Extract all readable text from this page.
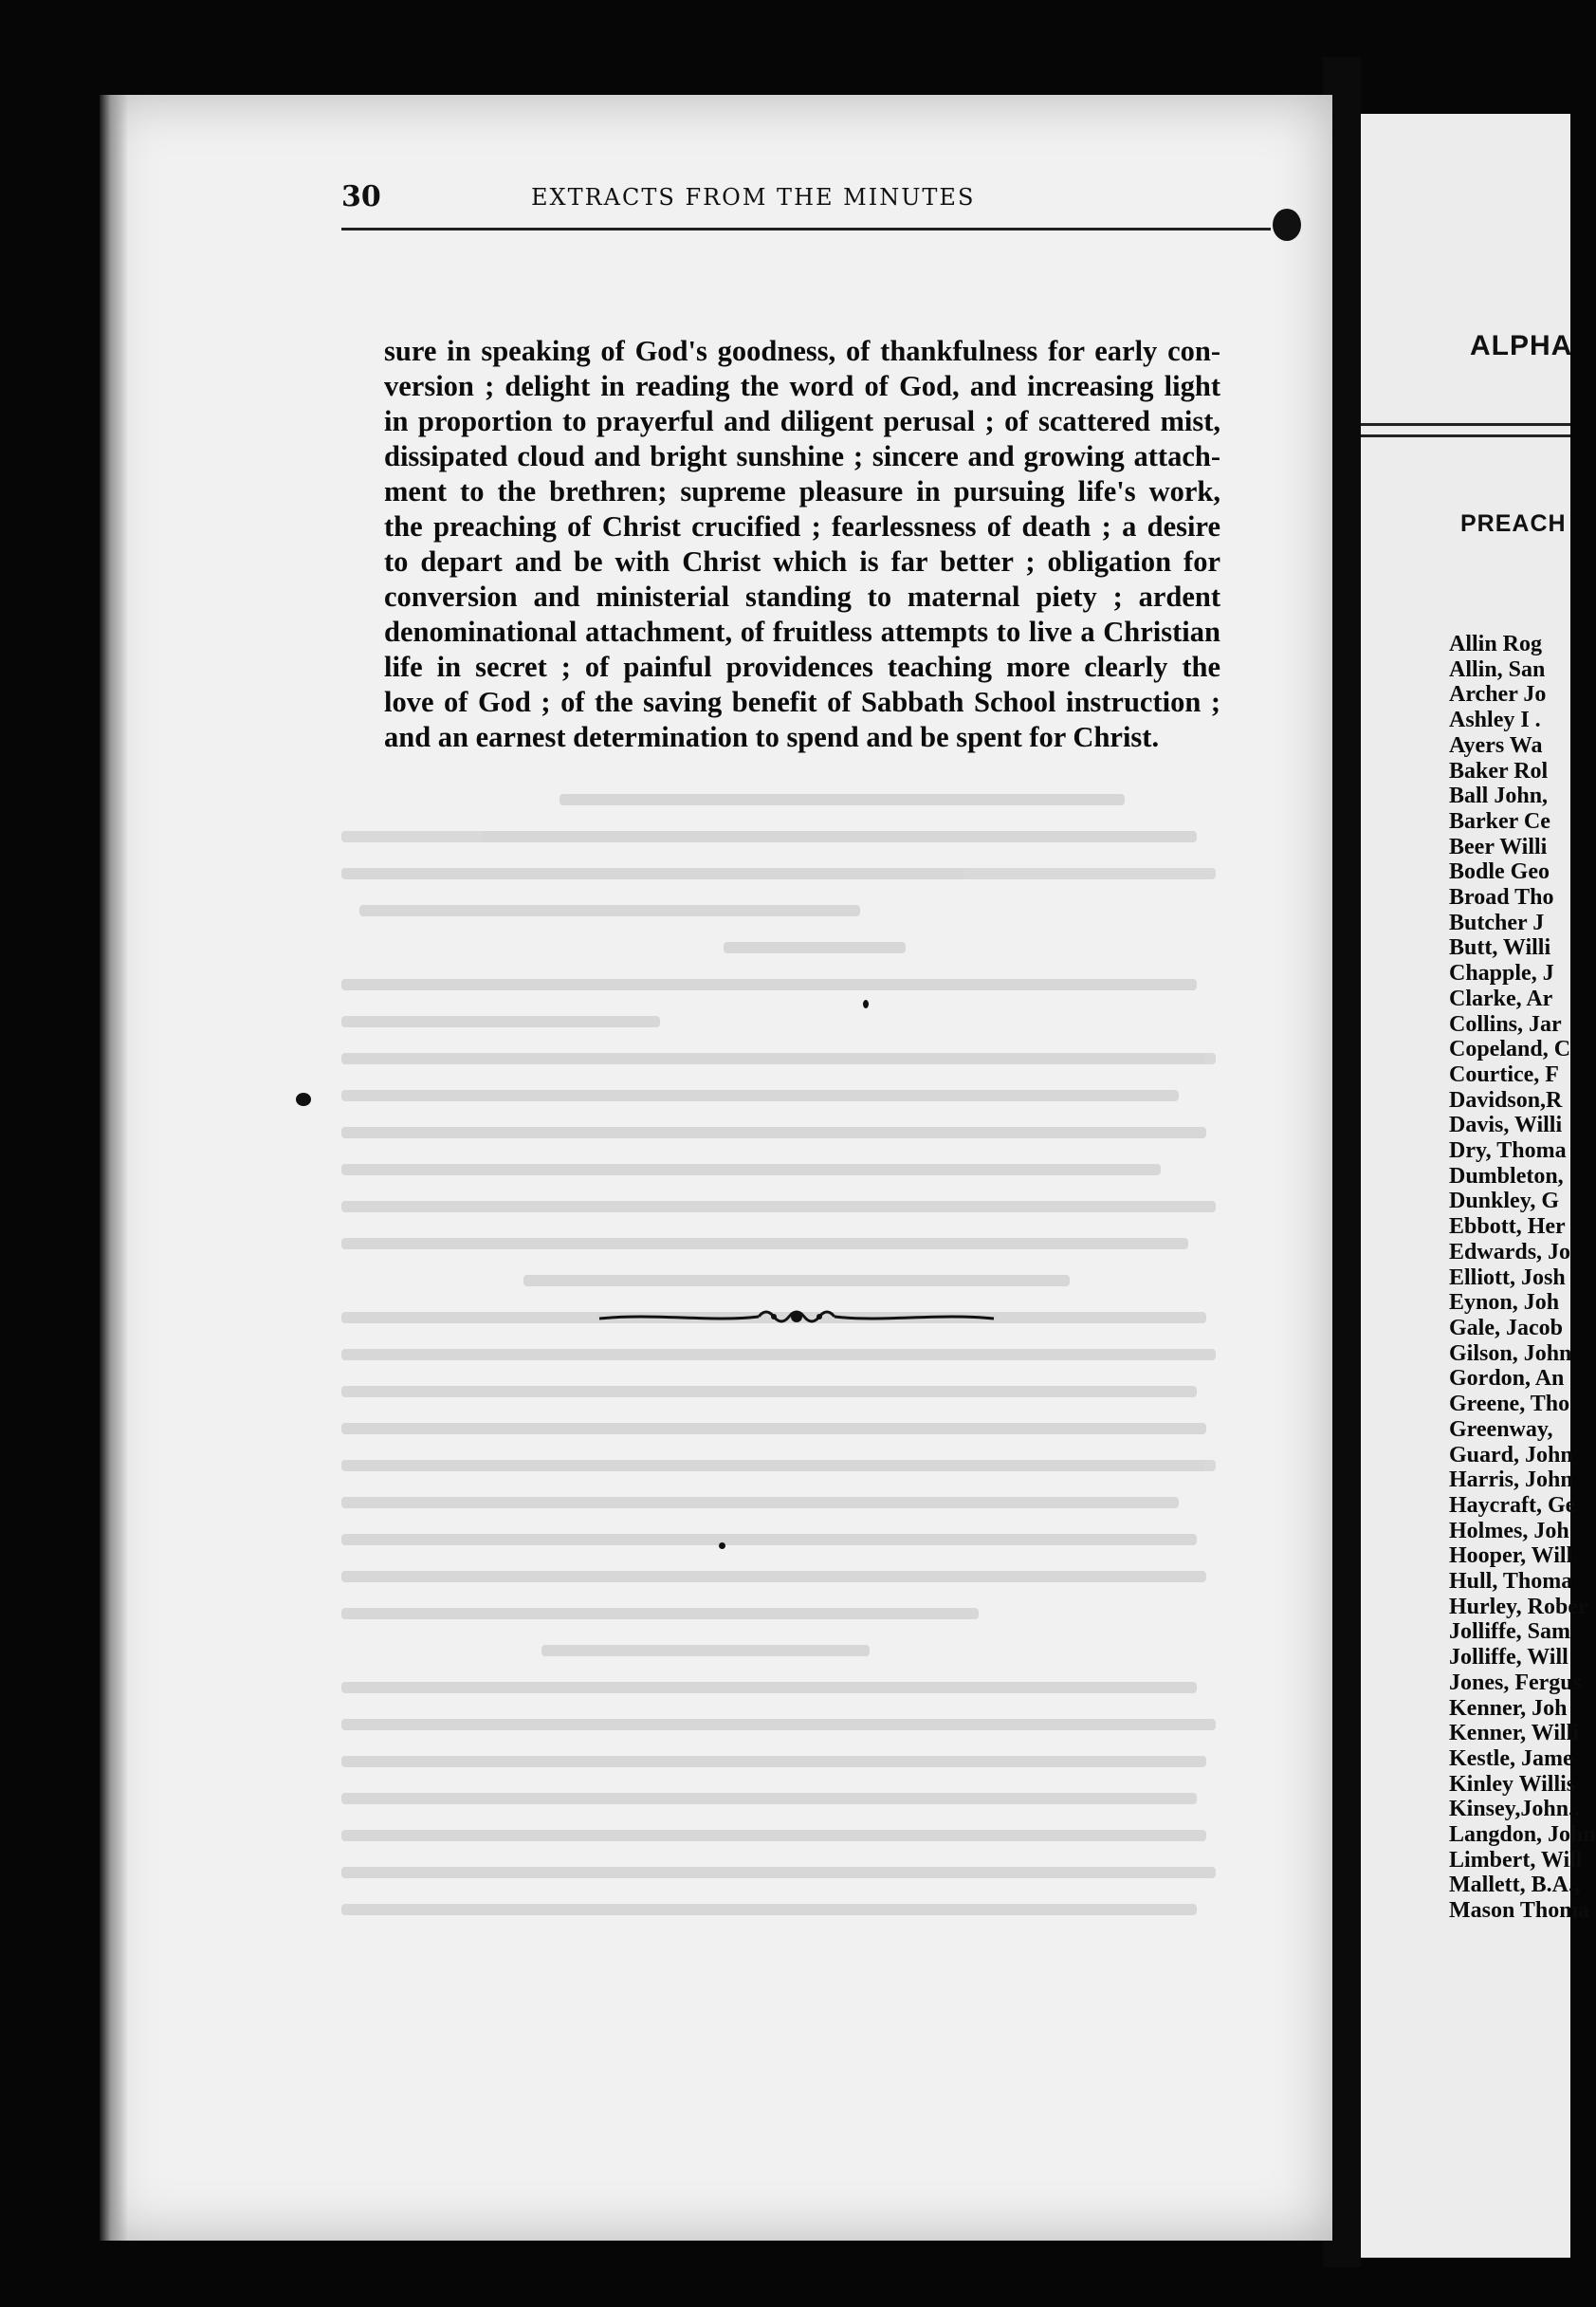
30	EXTRACTS FROM THE MINUTES
sure in speaking of God's goodness, of thankfulness for early con-
version ; delight in reading the word of God, and increasing light
in proportion to prayerful and diligent perusal ; of scattered mist,
dissipated cloud and bright sunshine ; sincere and growing attach-
ment to the brethren; supreme pleasure in pursuing life's work,
the preaching of Christ crucified ; fearlessness of death ; a desire
to depart and be with Christ which is far better ; obligation for
conversion and ministerial standing to maternal piety ; ardent
denominational attachment, of fruitless attempts to live a Christian
life in secret ; of painful providences teaching more clearly the
love of God ; of the saving benefit of Sabbath School instruction ;
and an earnest determination to spend and be spent for Christ.
ALPHA
PREACH
Allin Rog
Allin, San
Archer Jo
Ashley I .
Ayers Wa
Baker Rol
Ball John,
Barker Ce
Beer Willi
Bodle Geo
Broad Tho
Butcher J
Butt, Willi
Chapple, J
Clarke, Ar
Collins, Jar
Copeland, C
Courtice, F
Davidson,R
Davis, Willi
Dry, Thoma
Dumbleton,
Dunkley, G
Ebbott, Her
Edwards, Jo
Elliott, Josh
Eynon, Joh
Gale, Jacob
Gilson, John
Gordon, An
Greene, Tho
Greenway,
Guard, John
Harris, John
Haycraft, Ge
Holmes, Joh
Hooper, Will
Hull, Thoma
Hurley, Rober
Jolliffe, Sam
Jolliffe, Will
Jones, Fergus
Kenner, Joh
Kenner, Willi
Kestle, Jame
Kinley Willis
Kinsey,John..
Langdon, John
Limbert, Will
Mallett, B.A.,
Mason Thoma
